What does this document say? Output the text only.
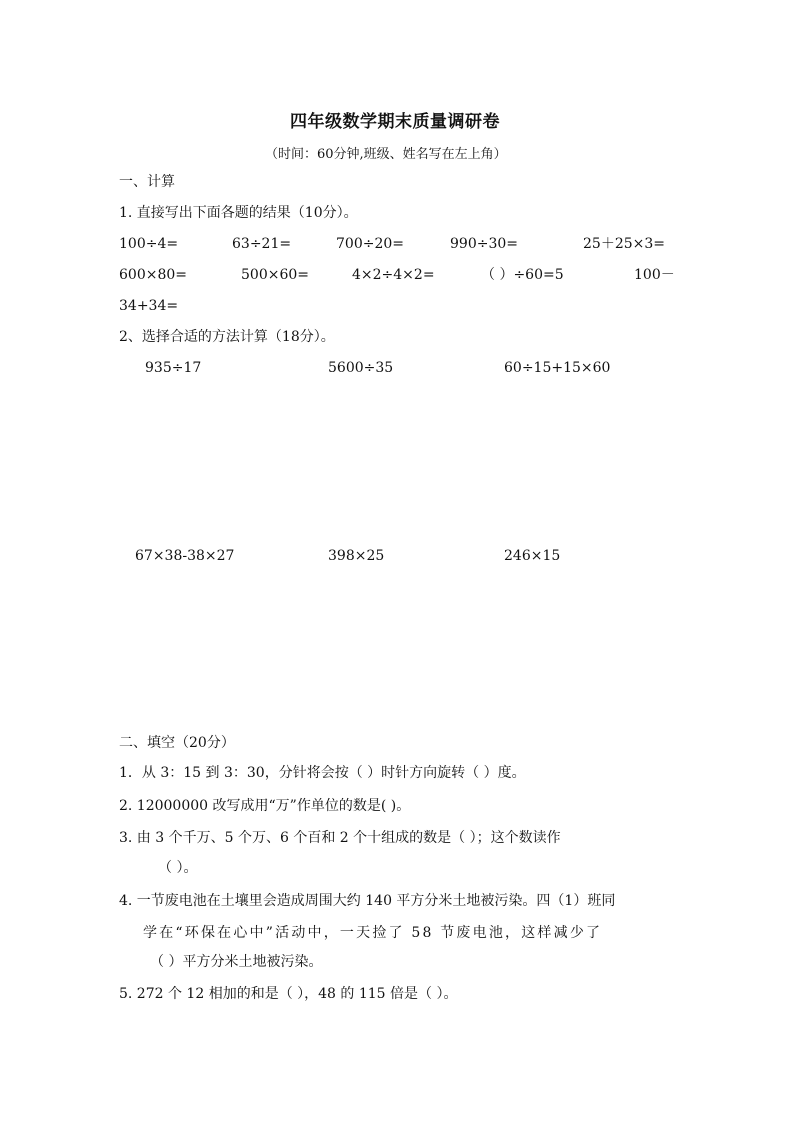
四年级数学期末质量调研卷
（时间：60分钟,班级、姓名写在左上角）
一、计算
1. 直接写出下面各题的结果（10分）。
100÷4=	63÷21=	700÷20=	990÷30=	25＋25×3=
600×80=	500×60=	4×2÷4×2=	（ ）÷60=5	100－
34+34=
2、选择合适的方法计算（18分）。
935÷17	5600÷35	60÷15+15×60
67×38-38×27	398×25	246×15
二、填空（20分）
1．从 3：15 到 3：30，分针将会按（ ）时针方向旋转（ ）度。
2. 12000000 改写成用“万”作单位的数是( )。
3. 由 3 个千万、5 个万、6 个百和 2 个十组成的数是（ ）；这个数读作
（ ）。
4. 一节废电池在土壤里会造成周围大约 140 平方分米土地被污染。四（1）班同
学在“环保在心中”活动中，一天捡了 58 节废电池，这样减少了
（ ）平方分米土地被污染。
5. 272 个 12 相加的和是（ ），48 的 115 倍是（ ）。
